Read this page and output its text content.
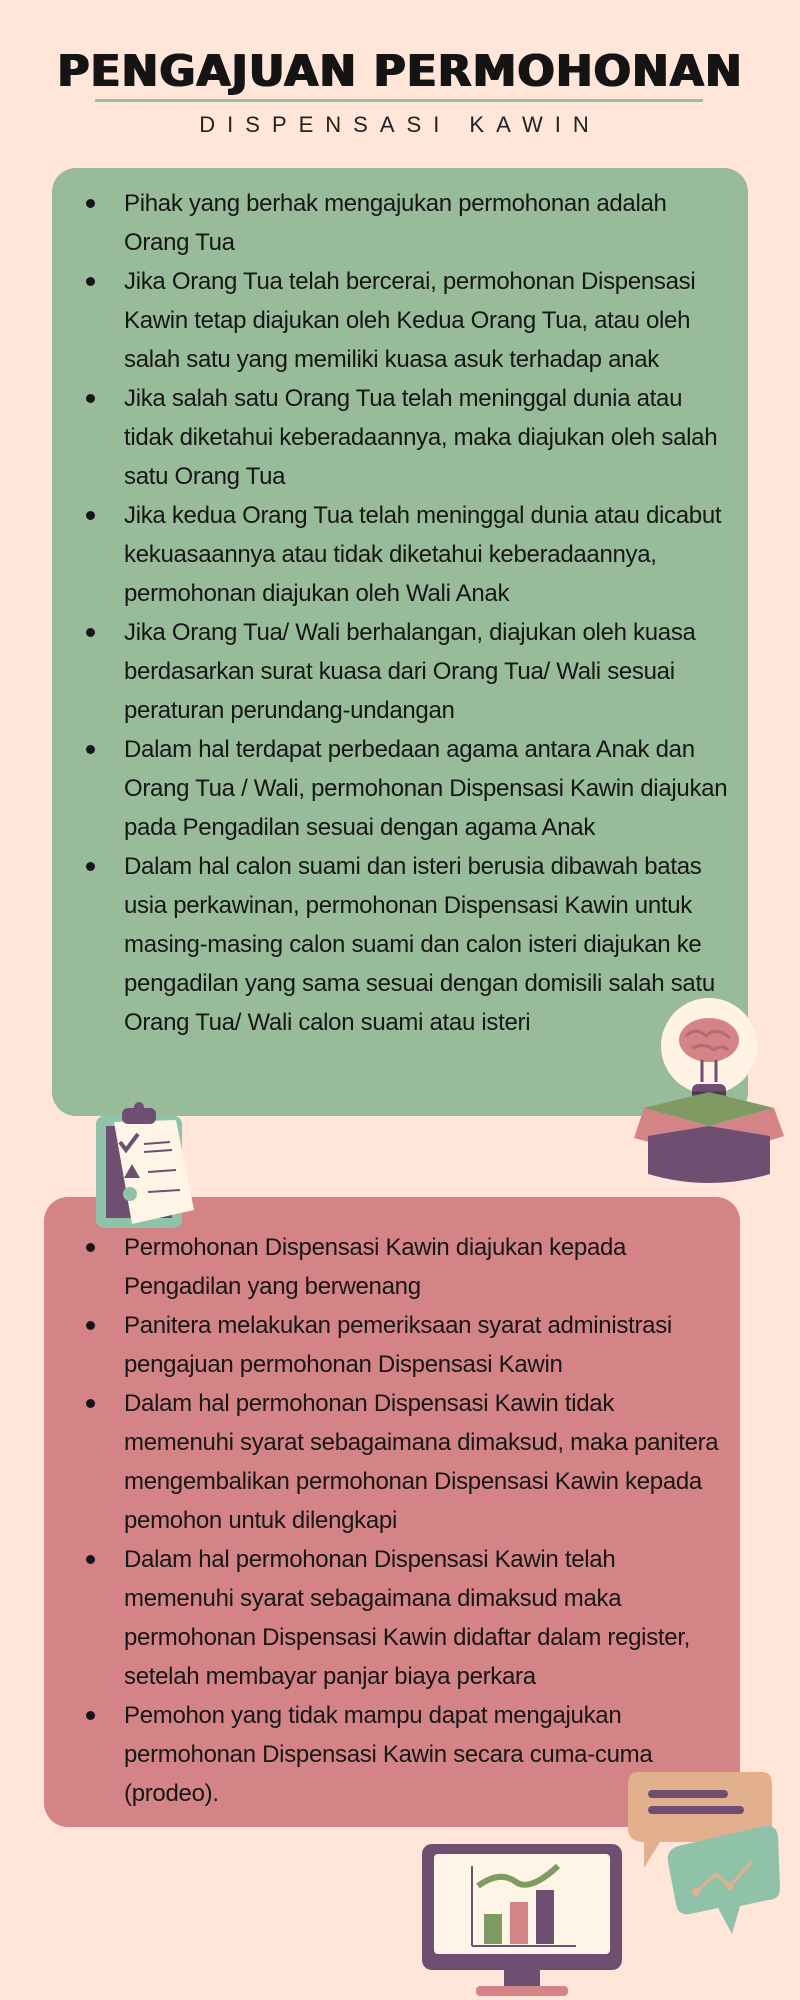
PENGAJUAN PERMOHONAN
DISPENSASI KAWIN
Pihak yang berhak mengajukan permohonan adalah Orang Tua
Jika Orang Tua telah bercerai, permohonan Dispensasi Kawin tetap diajukan oleh Kedua Orang Tua, atau oleh salah satu yang memiliki kuasa asuk terhadap anak
Jika salah satu Orang Tua telah meninggal dunia atau tidak diketahui keberadaannya, maka diajukan oleh salah satu Orang Tua
Jika kedua Orang Tua telah meninggal dunia atau dicabut kekuasaannya atau tidak diketahui keberadaannya, permohonan diajukan oleh Wali Anak
Jika Orang Tua/ Wali berhalangan, diajukan oleh kuasa berdasarkan surat kuasa dari Orang Tua/ Wali sesuai peraturan perundang-undangan
Dalam hal terdapat perbedaan agama antara Anak dan Orang Tua / Wali, permohonan Dispensasi Kawin diajukan pada Pengadilan sesuai dengan agama Anak
Dalam hal calon suami dan isteri berusia dibawah batas usia perkawinan, permohonan Dispensasi Kawin untuk masing-masing calon suami dan calon isteri diajukan ke pengadilan yang sama sesuai dengan domisili salah satu Orang Tua/ Wali calon suami atau isteri
Permohonan Dispensasi Kawin diajukan kepada Pengadilan yang berwenang
Panitera melakukan pemeriksaan syarat administrasi pengajuan permohonan Dispensasi Kawin
Dalam hal permohonan Dispensasi Kawin tidak memenuhi syarat sebagaimana dimaksud, maka panitera mengembalikan permohonan Dispensasi Kawin kepada pemohon untuk dilengkapi
Dalam hal permohonan Dispensasi Kawin telah memenuhi syarat sebagaimana dimaksud maka permohonan Dispensasi Kawin didaftar dalam register, setelah membayar panjar biaya perkara
Pemohon yang tidak mampu dapat mengajukan permohonan Dispensasi Kawin secara cuma-cuma (prodeo).
